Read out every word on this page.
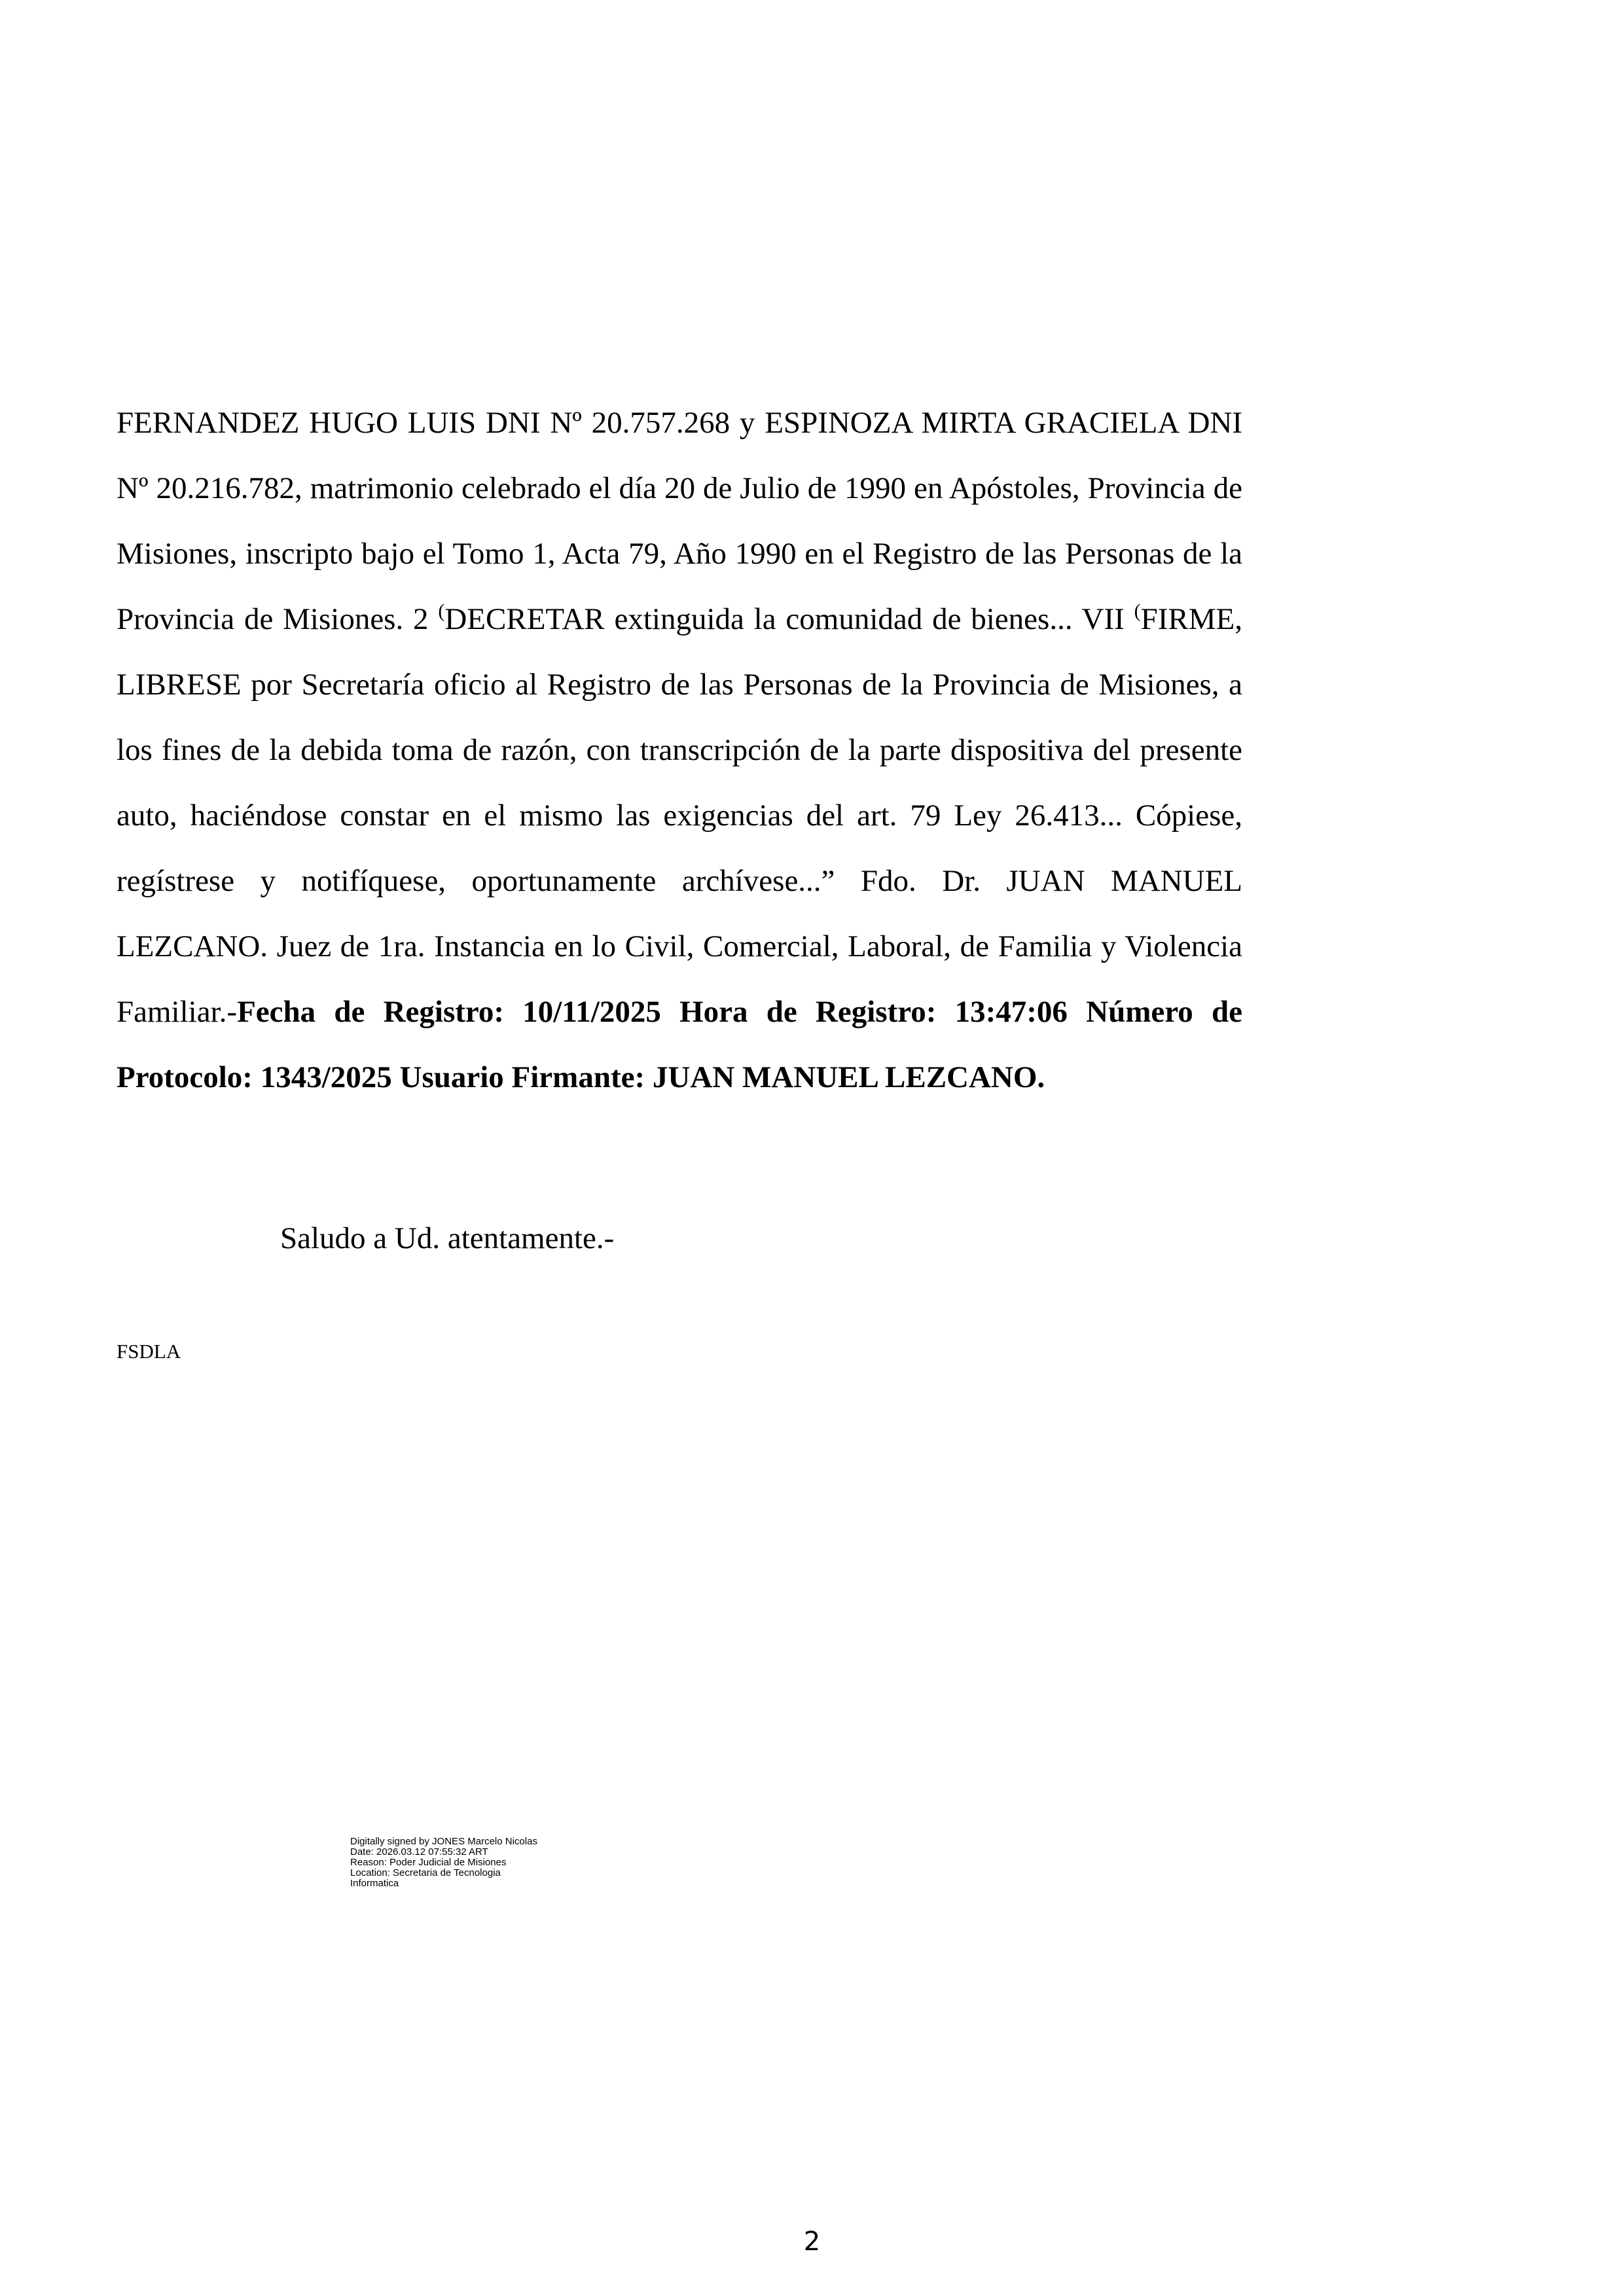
FERNANDEZ HUGO LUIS DNI Nº 20.757.268 y ESPINOZA MIRTA GRACIELA DNI Nº 20.216.782, matrimonio celebrado el día 20 de Julio de 1990 en Apóstoles, Provincia de Misiones, inscripto bajo el Tomo 1, Acta 79, Año 1990 en el Registro de las Personas de la Provincia de Misiones. 2 (DECRETAR extinguida la comunidad de bienes... VII (FIRME, LIBRESE por Secretaría oficio al Registro de las Personas de la Provincia de Misiones, a los fines de la debida toma de razón, con transcripción de la parte dispositiva del presente auto, haciéndose constar en el mismo las exigencias del art. 79 Ley 26.413... Cópiese, regístrese y notifíquese, oportunamente archívese...” Fdo. Dr. JUAN MANUEL LEZCANO. Juez de 1ra. Instancia en lo Civil, Comercial, Laboral, de Familia y Violencia Familiar.-Fecha de Registro: 10/11/2025 Hora de Registro: 13:47:06 Número de Protocolo: 1343/2025 Usuario Firmante: JUAN MANUEL LEZCANO.

Saludo a Ud. atentamente.-

FSDLA

Digitally signed by JONES Marcelo Nicolas
Date: 2026.03.12 07:55:32 ART
Reason: Poder Judicial de Misiones
Location: Secretaria de Tecnologia
Informatica
2
